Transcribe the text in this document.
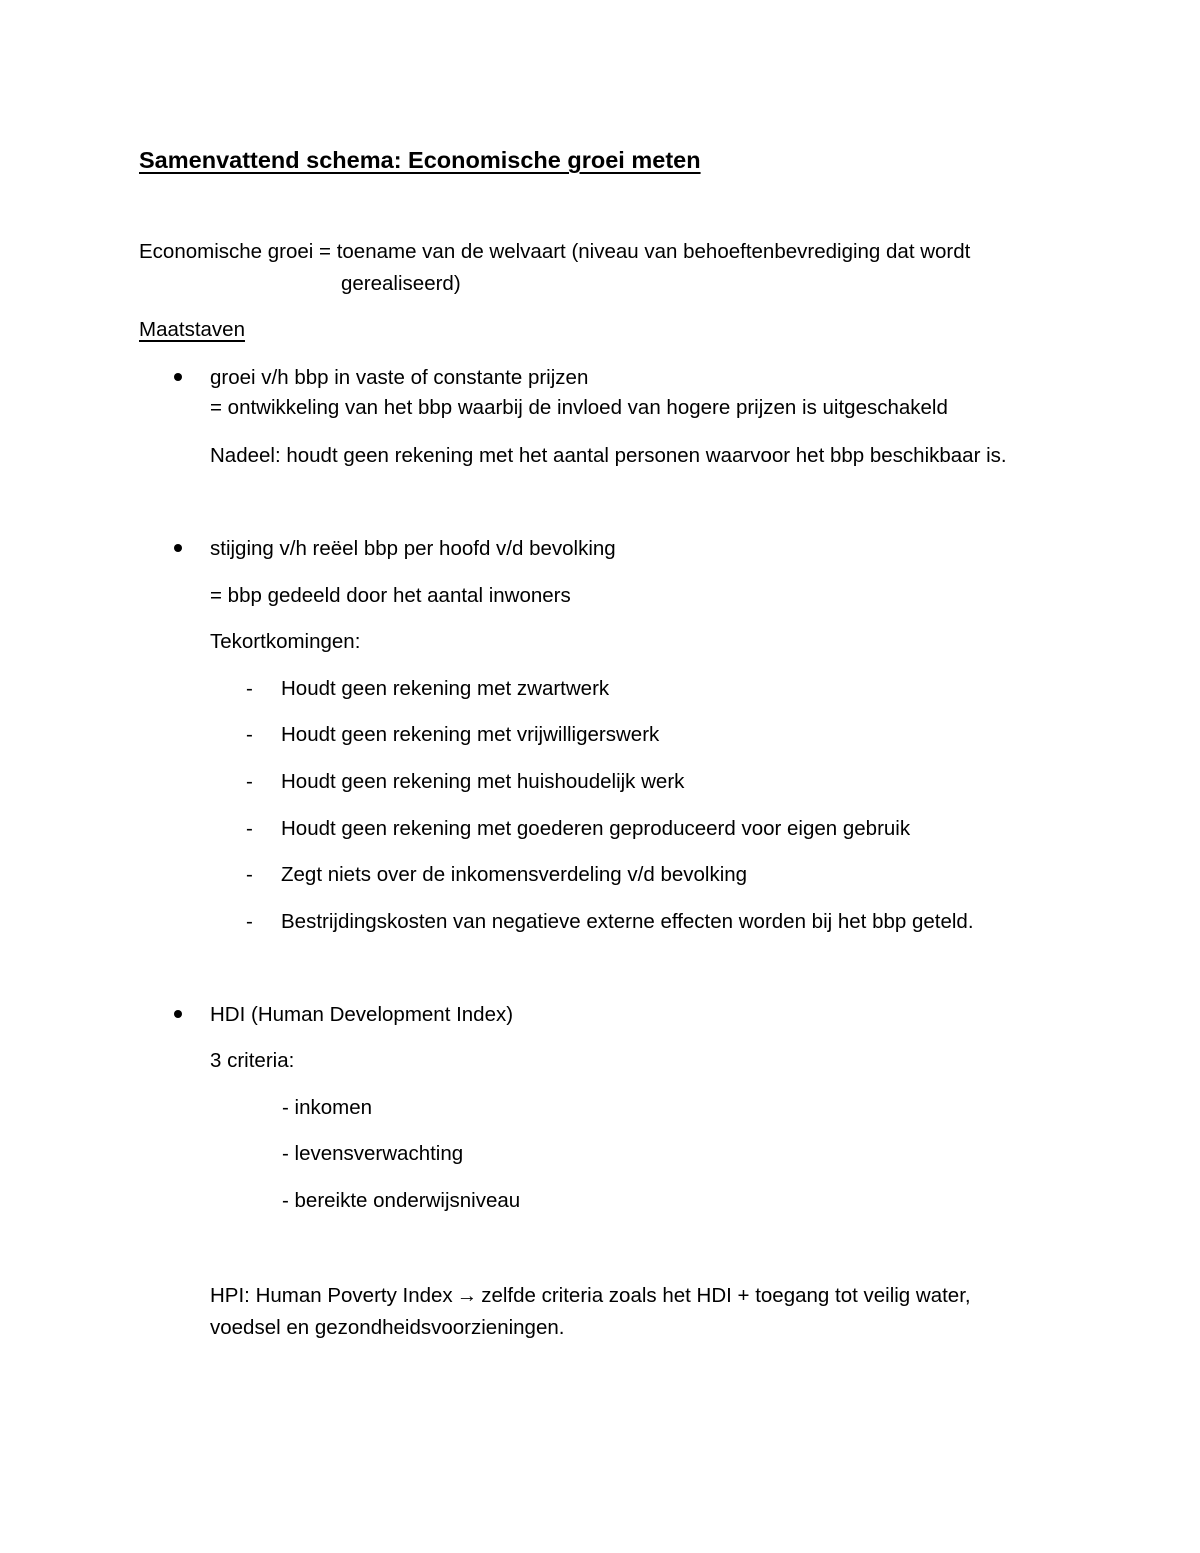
Samenvattend schema: Economische groei meten
Economische groei = toename van de welvaart (niveau van behoeftenbevrediging dat wordt
gerealiseerd)
Maatstaven
groei v/h bbp in vaste of constante prijzen
= ontwikkeling van het bbp waarbij de invloed van hogere prijzen is uitgeschakeld
Nadeel: houdt geen rekening met het aantal personen waarvoor het bbp beschikbaar is.
stijging v/h reëel bbp per hoofd v/d bevolking
= bbp gedeeld door het aantal inwoners
Tekortkomingen:
- Houdt geen rekening met zwartwerk
- Houdt geen rekening met vrijwilligerswerk
- Houdt geen rekening met huishoudelijk werk
- Houdt geen rekening met goederen geproduceerd voor eigen gebruik
- Zegt niets over de inkomensverdeling v/d bevolking
- Bestrijdingskosten van negatieve externe effecten worden bij het bbp geteld.
HDI (Human Development Index)
3 criteria:
- inkomen
- levensverwachting
- bereikte onderwijsniveau
HPI: Human Poverty Index → zelfde criteria zoals het HDI + toegang tot veilig water,
voedsel en gezondheidsvoorzieningen.
